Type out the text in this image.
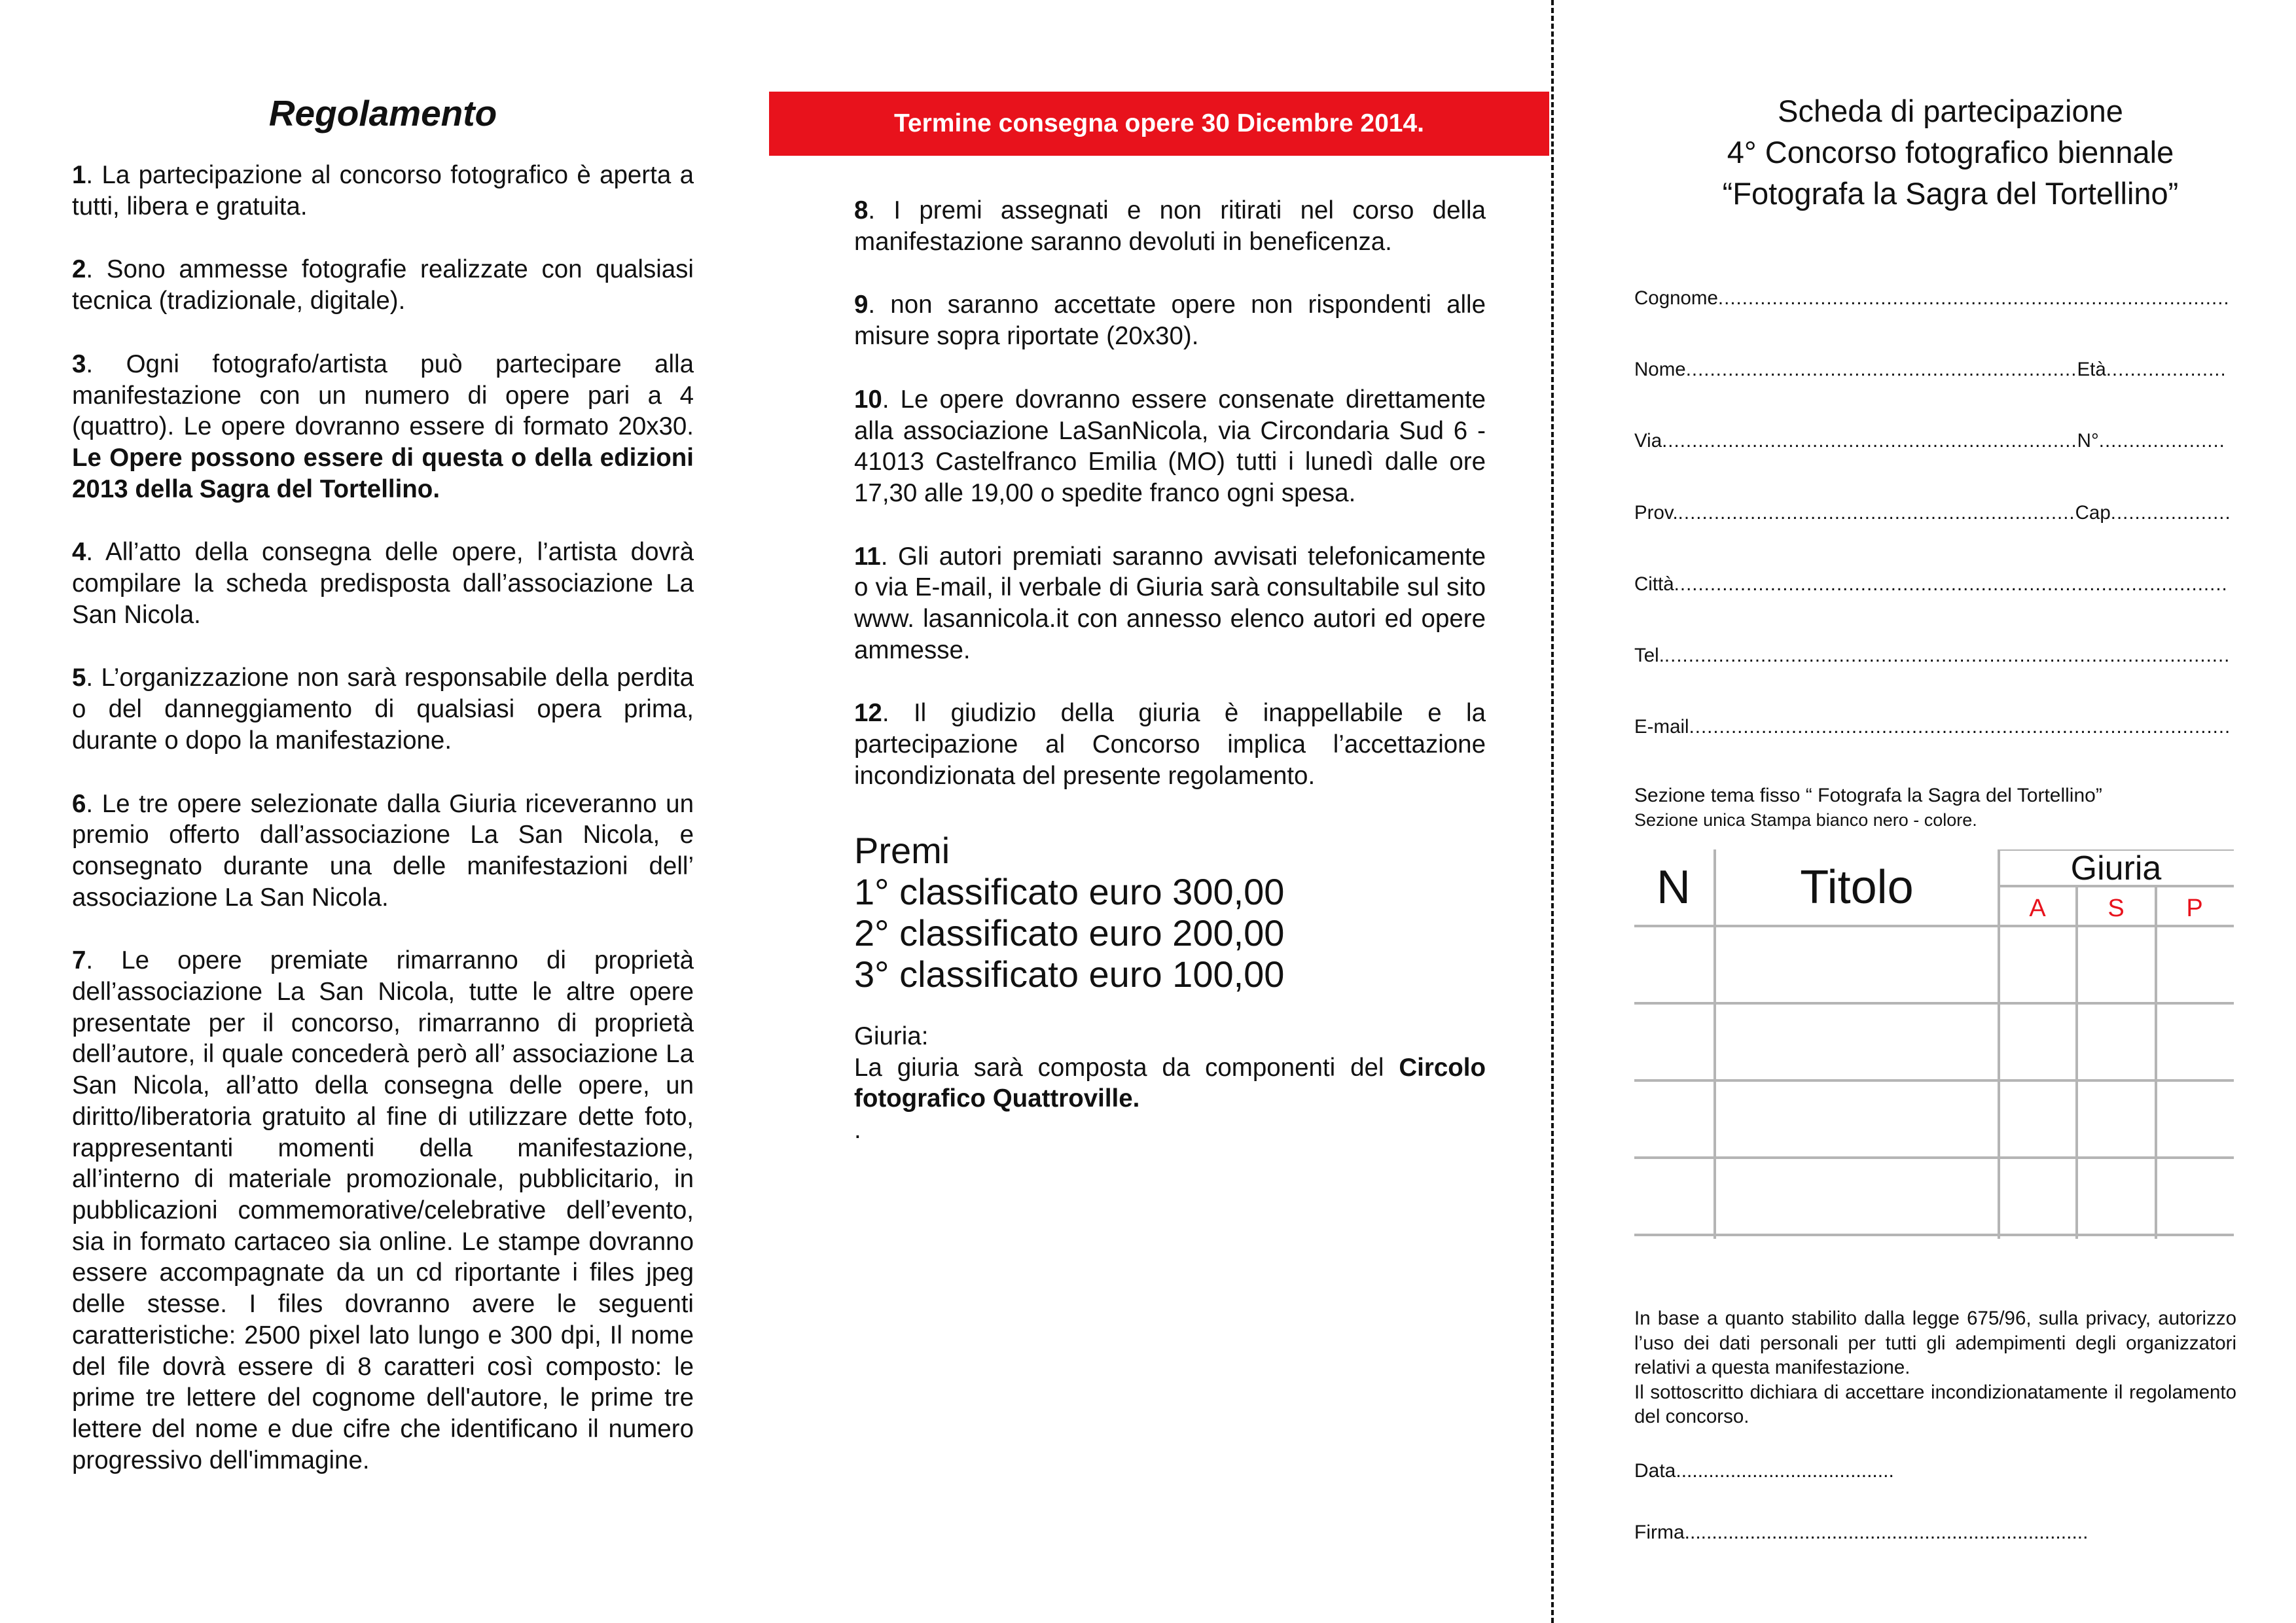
Regolamento

1. La partecipazione al concorso fotografico è aperta a tutti, libera e gratuita.

2. Sono ammesse fotografie realizzate con qualsiasi tecnica (tradizionale, digitale).

3. Ogni fotografo/artista può partecipare alla manifestazione con un numero di opere pari a 4 (quattro). Le opere dovranno essere di formato 20x30. Le Opere possono essere di questa o della edizioni 2013 della Sagra del Tortellino.

4. All’atto della consegna delle opere, l’artista dovrà compilare la scheda predisposta dall’associazione La San Nicola.

5. L’organizzazione non sarà responsabile della perdita o del danneggiamento di qualsiasi opera prima, durante o dopo la manifestazione.

6. Le tre opere selezionate dalla Giuria riceveranno un premio offerto dall’associazione La San Nicola, e consegnato durante una delle manifestazioni dell’ associazione La San Nicola.

7. Le opere premiate rimarranno di proprietà dell’associazione La San Nicola, tutte le altre opere presentate per il concorso, rimarranno di proprietà dell’autore, il quale concederà però all’ associazione La San Nicola, all’atto della consegna delle opere, un diritto/liberatoria gratuito al fine di utilizzare dette foto, rappresentanti momenti della manifestazione, all’interno di materiale promozionale, pubblicitario, in pubblicazioni commemorative/celebrative dell’evento, sia in formato cartaceo sia online. Le stampe dovranno essere accompagnate da un cd riportante i files jpeg delle stesse. I files dovranno avere le seguenti caratteristiche: 2500 pixel lato lungo e 300 dpi, Il nome del file dovrà essere di 8 caratteri così composto: le prime tre lettere del cognome dell'autore, le prime tre lettere del nome e due cifre che identificano il numero progressivo dell'immagine.

Termine consegna opere 30 Dicembre 2014.

8. I premi assegnati e non ritirati nel corso della manifestazione saranno devoluti in beneficenza.

9. non saranno accettate opere non rispondenti alle misure sopra riportate (20x30).

10. Le opere dovranno essere consenate direttamente alla associazione LaSanNicola, via Circondaria Sud 6 - 41013 Castelfranco Emilia (MO) tutti i lunedì dalle ore 17,30 alle 19,00 o spedite franco ogni spesa.

11. Gli autori premiati saranno avvisati telefonicamente o via E-mail, il verbale di Giuria sarà consultabile sul sito www. lasannicola.it con annesso elenco autori ed opere ammesse.

12. Il giudizio della giuria è inappellabile e la partecipazione al Concorso implica l’accettazione incondizionata del presente regolamento.

Premi
1° classificato euro 300,00
2° classificato euro 200,00
3° classificato euro 100,00

Giuria:

La giuria sarà composta da componenti del Circolo fotografico Quattroville.

.

Scheda di partecipazione
4° Concorso fotografico biennale
“Fotografa la Sagra del Tortellino”
Cognome.....................................................................................
Nome.................................................................Età....................
Via.....................................................................N°.....................
Prov...................................................................Cap....................
Città............................................................................................
Tel...............................................................................................
E-mail..........................................................................................
Sezione tema fisso “ Fotografa la Sagra del Tortellino”
Sezione unica Stampa bianco nero - colore.
N Titolo	Giuria
A S P

In base a quanto stabilito dalla legge 675/96, sulla privacy, autorizzo l’uso dei dati personali per tutti gli adempimenti degli organizzatori relativi a questa manifestazione.

Il sottoscritto dichiara di accettare incondizionatamente il regolamento del concorso.

Data........................................
Firma..........................................................................
